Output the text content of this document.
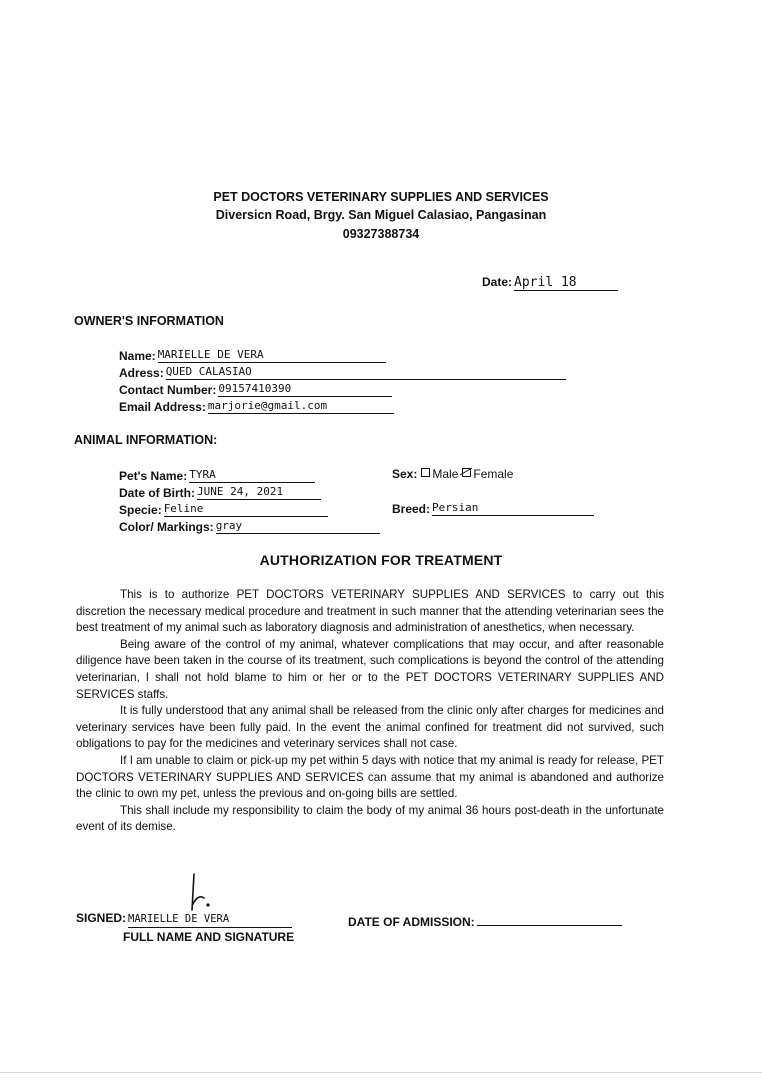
PET DOCTORS VETERINARY SUPPLIES AND SERVICES
Diversicn Road, Brgy. San Miguel Calasiao, Pangasinan
09327388734
Date: April 18
OWNER'S INFORMATION
Name: MARIELLE DE VERA
Adress: QUED CALASIAO
Contact Number: 09157410390
Email Address: marjorie@gmail.com
ANIMAL INFORMATION:
Pet's Name: TYRA
Date of Birth: JUNE 24, 2021
Specie: Feline
Color/ Markings: gray
Sex: Male Female
Breed: Persian
AUTHORIZATION FOR TREATMENT

This is to authorize PET DOCTORS VETERINARY SUPPLIES AND SERVICES to carry out this discretion the necessary medical procedure and treatment in such manner that the attending veterinarian sees the best treatment of my animal such as laboratory diagnosis and administration of anesthetics, when necessary.

Being aware of the control of my animal, whatever complications that may occur, and after reasonable diligence have been taken in the course of its treatment, such complications is beyond the control of the attending veterinarian, I shall not hold blame to him or her or to the PET DOCTORS VETERINARY SUPPLIES AND SERVICES staffs.

It is fully understood that any animal shall be released from the clinic only after charges for medicines and veterinary services have been fully paid. In the event the animal confined for treatment did not survived, such obligations to pay for the medicines and veterinary services shall not case.

If I am unable to claim or pick-up my pet within 5 days with notice that my animal is ready for release, PET DOCTORS VETERINARY SUPPLIES AND SERVICES can assume that my animal is abandoned and authorize the clinic to own my pet, unless the previous and on-going bills are settled.

This shall include my responsibility to claim the body of my animal 36 hours post-death in the unfortunate event of its demise.

SIGNED: MARIELLE DE VERA
FULL NAME AND SIGNATURE
DATE OF ADMISSION:
